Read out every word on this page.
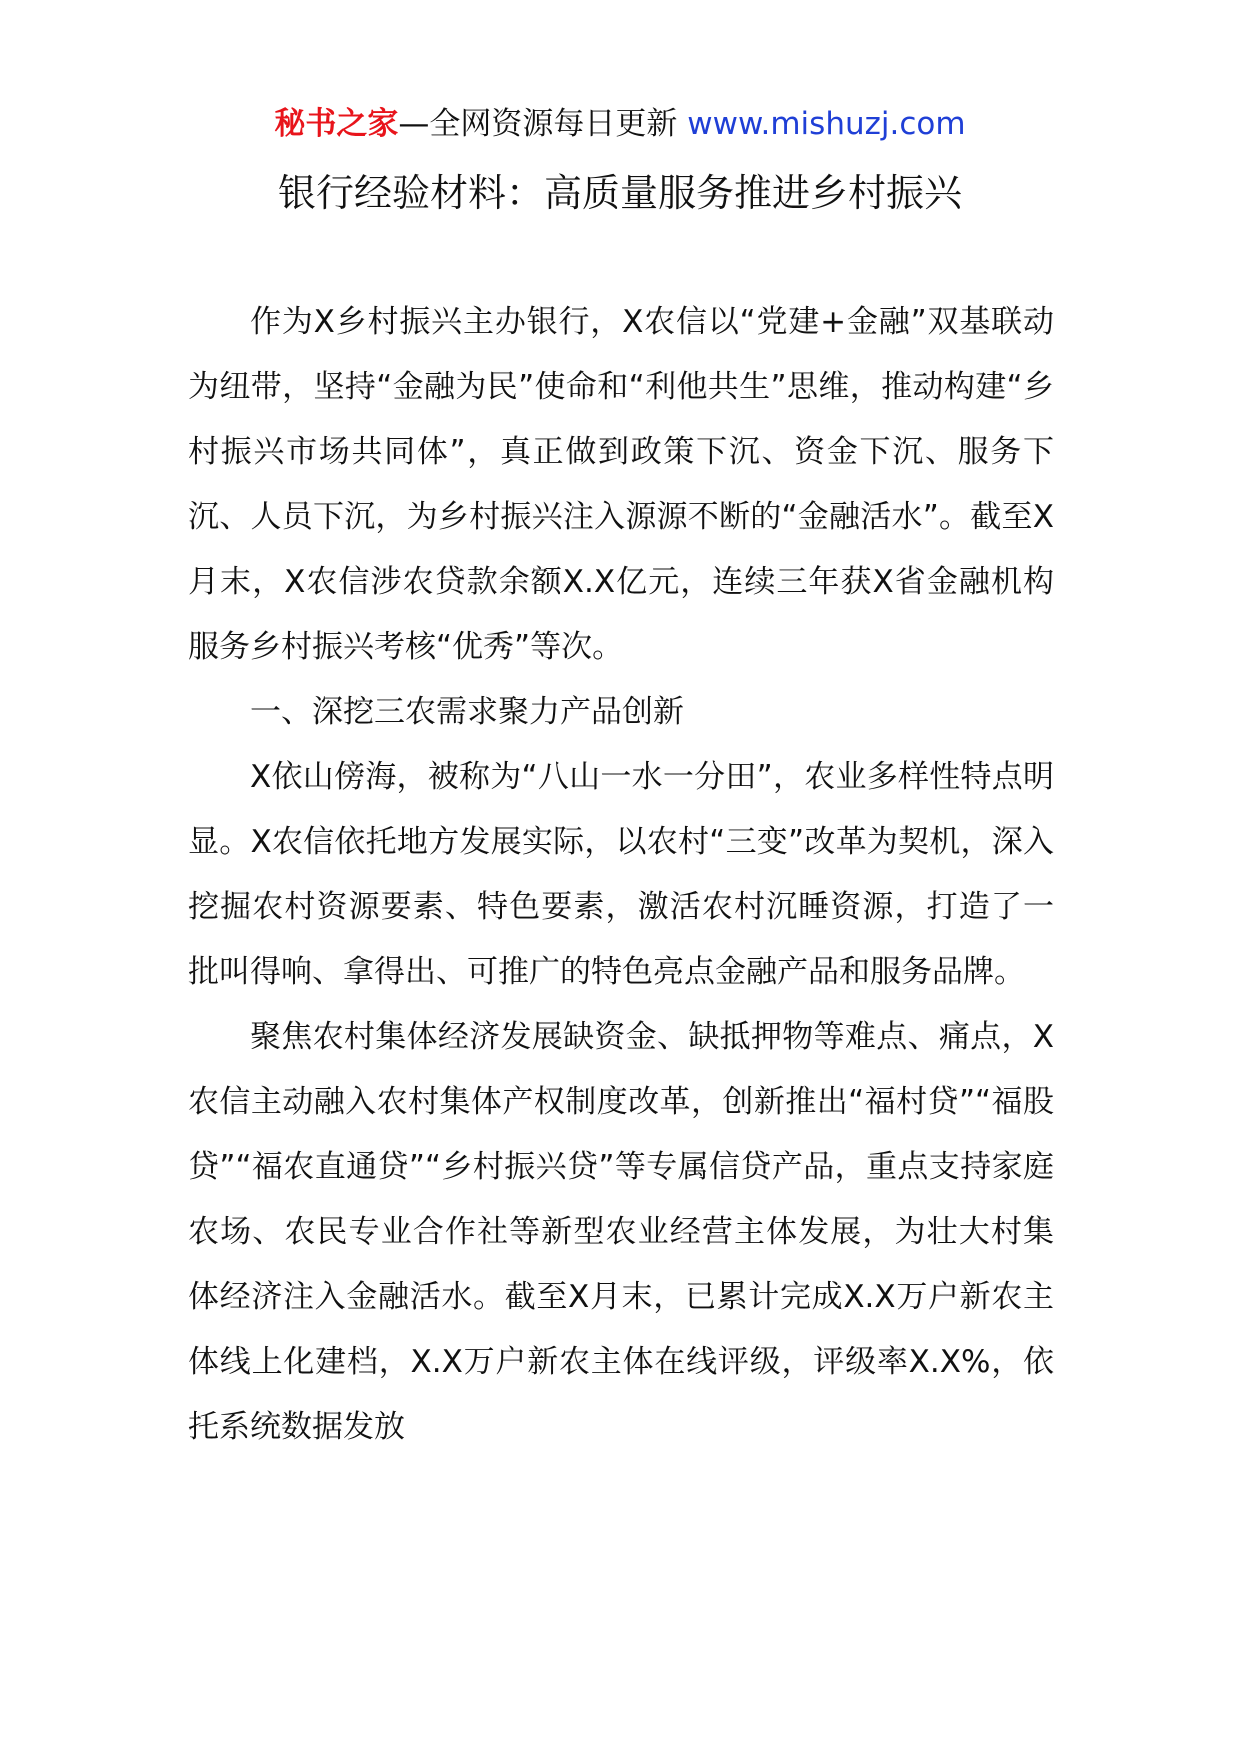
秘书之家—全网资源每日更新 www.mishuzj.com
银行经验材料：高质量服务推进乡村振兴

作为X乡村振兴主办银行，X农信以“党建+金融”双基联动为纽带，坚持“金融为民”使命和“利他共生”思维，推动构建“乡村振兴市场共同体”，真正做到政策下沉、资金下沉、服务下沉、人员下沉，为乡村振兴注入源源不断的“金融活水”。截至X月末，X农信涉农贷款余额X.X亿元，连续三年获X省金融机构服务乡村振兴考核“优秀”等次。

一、深挖三农需求聚力产品创新

X依山傍海，被称为“八山一水一分田”，农业多样性特点明显。X农信依托地方发展实际，以农村“三变”改革为契机，深入挖掘农村资源要素、特色要素，激活农村沉睡资源，打造了一批叫得响、拿得出、可推广的特色亮点金融产品和服务品牌。

聚焦农村集体经济发展缺资金、缺抵押物等难点、痛点，X农信主动融入农村集体产权制度改革，创新推出“福村贷”“福股贷”“福农直通贷”“乡村振兴贷”等专属信贷产品，重点支持家庭农场、农民专业合作社等新型农业经营主体发展，为壮大村集体经济注入金融活水。截至X月末，已累计完成X.X万户新农主体线上化建档，X.X万户新农主体在线评级，评级率X.X%，依托系统数据发放
